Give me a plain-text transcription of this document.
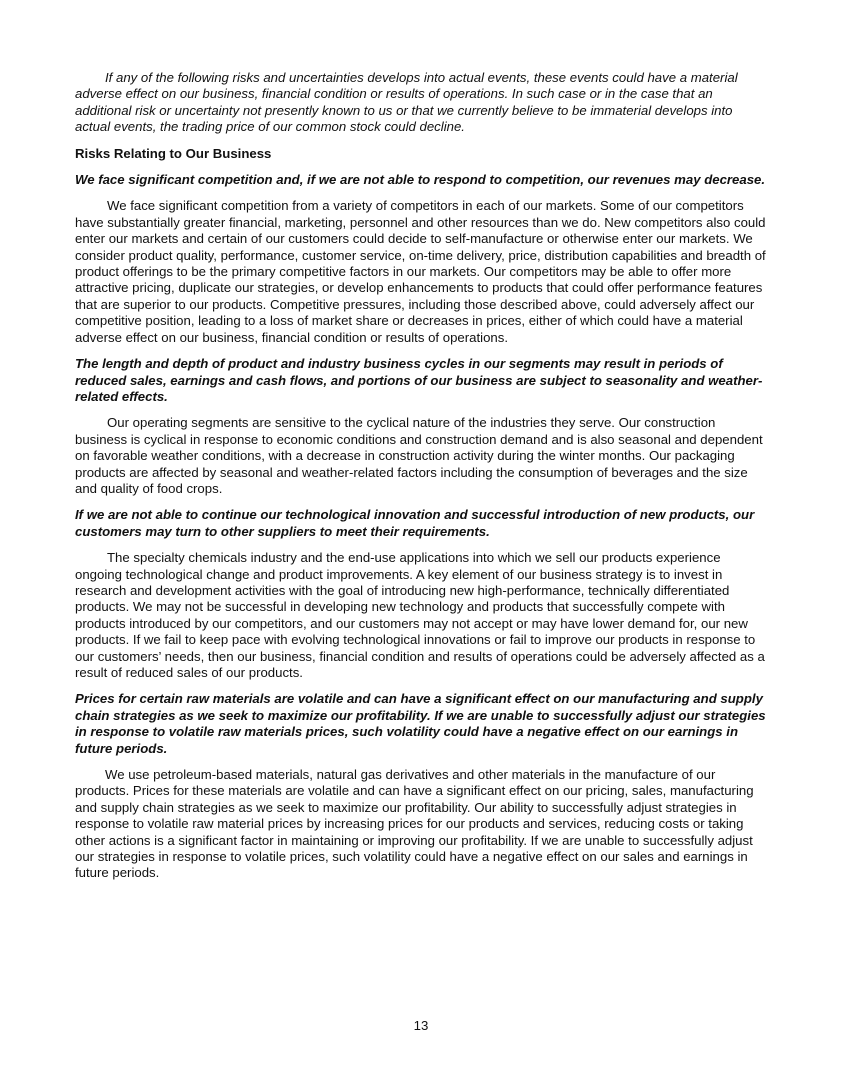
If any of the following risks and uncertainties develops into actual events, these events could have a material adverse effect on our business, financial condition or results of operations. In such case or in the case that an additional risk or uncertainty not presently known to us or that we currently believe to be immaterial develops into actual events, the trading price of our common stock could decline.

Risks Relating to Our Business

We face significant competition and, if we are not able to respond to competition, our revenues may decrease.

We face significant competition from a variety of competitors in each of our markets. Some of our competitors have substantially greater financial, marketing, personnel and other resources than we do. New competitors also could enter our markets and certain of our customers could decide to self-manufacture or otherwise enter our markets. We consider product quality, performance, customer service, on-time delivery, price, distribution capabilities and breadth of product offerings to be the primary competitive factors in our markets. Our competitors may be able to offer more attractive pricing, duplicate our strategies, or develop enhancements to products that could offer performance features that are superior to our products. Competitive pressures, including those described above, could adversely affect our competitive position, leading to a loss of market share or decreases in prices, either of which could have a material adverse effect on our business, financial condition or results of operations.

The length and depth of product and industry business cycles in our segments may result in periods of reduced sales, earnings and cash flows, and portions of our business are subject to seasonality and weather-related effects.

Our operating segments are sensitive to the cyclical nature of the industries they serve. Our construction business is cyclical in response to economic conditions and construction demand and is also seasonal and dependent on favorable weather conditions, with a decrease in construction activity during the winter months. Our packaging products are affected by seasonal and weather-related factors including the consumption of beverages and the size and quality of food crops.

If we are not able to continue our technological innovation and successful introduction of new products, our customers may turn to other suppliers to meet their requirements.

The specialty chemicals industry and the end-use applications into which we sell our products experience ongoing technological change and product improvements. A key element of our business strategy is to invest in research and development activities with the goal of introducing new high-performance, technically differentiated products. We may not be successful in developing new technology and products that successfully compete with products introduced by our competitors, and our customers may not accept or may have lower demand for, our new products. If we fail to keep pace with evolving technological innovations or fail to improve our products in response to our customers’ needs, then our business, financial condition and results of operations could be adversely affected as a result of reduced sales of our products.

Prices for certain raw materials are volatile and can have a significant effect on our manufacturing and supply chain strategies as we seek to maximize our profitability. If we are unable to successfully adjust our strategies in response to volatile raw materials prices, such volatility could have a negative effect on our earnings in future periods.

We use petroleum-based materials, natural gas derivatives and other materials in the manufacture of our products. Prices for these materials are volatile and can have a significant effect on our pricing, sales, manufacturing and supply chain strategies as we seek to maximize our profitability. Our ability to successfully adjust strategies in response to volatile raw material prices by increasing prices for our products and services, reducing costs or taking other actions is a significant factor in maintaining or improving our profitability. If we are unable to successfully adjust our strategies in response to volatile prices, such volatility could have a negative effect on our sales and earnings in future periods.

13
